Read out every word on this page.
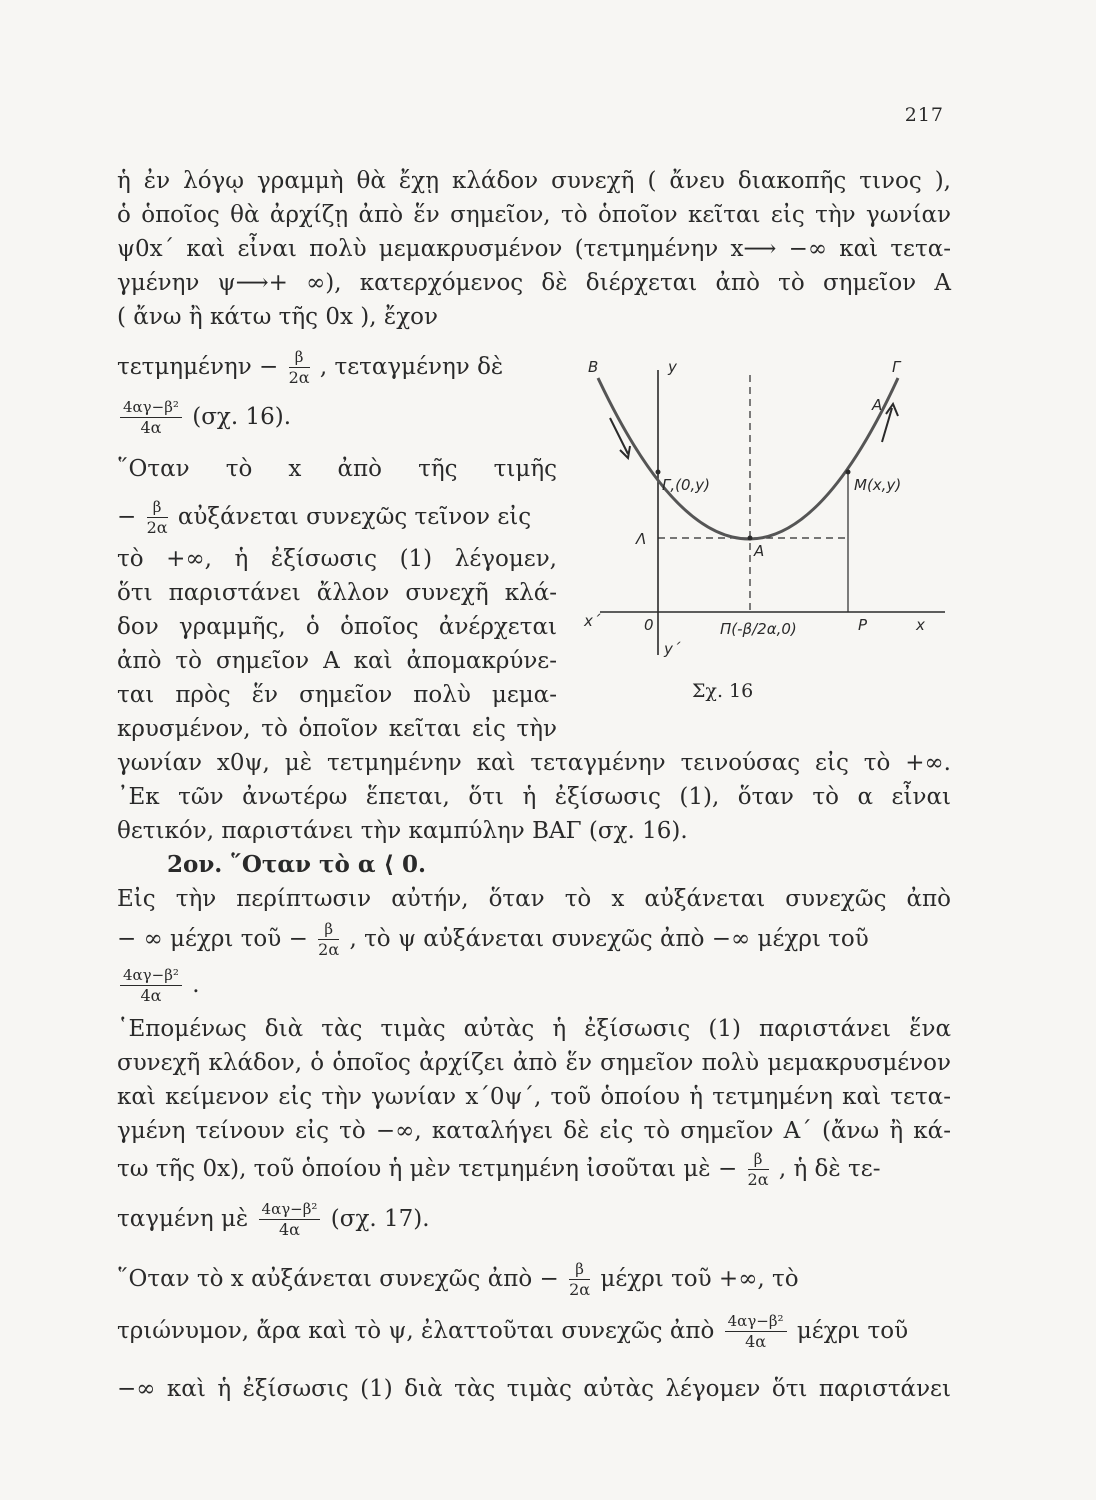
217
ἡ ἐν λόγῳ γραμμὴ θὰ ἔχῃ κλάδον συνεχῆ ( ἄνευ διακοπῆς τινος ),
ὁ ὁποῖος θὰ ἀρχίζῃ ἀπὸ ἕν σημεῖον, τὸ ὁποῖον κεῖται εἰς τὴν γωνίαν
ψ0x΄ καὶ εἶναι πολὺ μεμακρυσμένον (τετμημένην x⟶ −∞ καὶ τετα-
γμένην ψ⟶+ ∞), κατερχόμενος δὲ διέρχεται ἀπὸ τὸ σημεῖον Α
( ἄνω ἢ κάτω τῆς 0x ), ἔχον
$\tau\varepsilon\tau\mu\eta\mu έ\nu\eta\nu - \frac{\beta}{2\alpha}$ , τεταγμένην δὲ
$\frac{\text{4αγ−β²}}{4\alpha} (\sigma\chi$. 16).
῞Οταν τὸ x ἀπὸ τῆς τιμῆς
− $\frac{\beta}{2\alpha}$ αὐξάνεται συνεχῶς τεῖνον εἰς
τὸ +∞, ἡ ἐξίσωσις (1) λέγομεν,
ὅτι παριστάνει ἄλλον συνεχῆ κλά-
δον γραμμῆς, ὁ ὁποῖος ἀνέρχεται
ἀπὸ τὸ σημεῖον Α καὶ ἀπομακρύνε-
ται πρὸς ἕν σημεῖον πολὺ μεμα-
κρυσμένον, τὸ ὁποῖον κεῖται εἰς τὴν
γωνίαν x0ψ, μὲ τετμημένην καὶ τεταγμένην τεινούσας εἰς τὸ +∞.
᾿Εκ τῶν ἀνωτέρω ἕπεται, ὅτι ἡ ἐξίσωσις (1), ὅταν τὸ α εἶναι
θετικόν, παριστάνει τὴν καμπύλην ΒΑΓ (σχ. 16).
2ον. ῞Οταν τὸ α ⟨ 0.
Εἰς τὴν περίπτωσιν αὐτήν, ὅταν τὸ x αὐξάνεται συνεχῶς ἀπὸ
− ∞ μέχρι τοῦ − $\frac{\beta}{2\alpha}$ , τὸ ψ αὐξάνεται συνεχῶς ἀπὸ −∞ μέχρι τοῦ
$\frac{\text{4αγ−β²}}{4\alpha}$ .
῾Επομένως διὰ τὰς τιμὰς αὐτὰς ἡ ἐξίσωσις (1) παριστάνει ἕνα
συνεχῆ κλάδον, ὁ ὁποῖος ἀρχίζει ἀπὸ ἕν σημεῖον πολὺ μεμακρυσμένον
καὶ κείμενον εἰς τὴν γωνίαν x΄0ψ΄, τοῦ ὁποίου ἡ τετμημένη καὶ τετα-
γμένη τείνουν εἰς τὸ −∞, καταλήγει δὲ εἰς τὸ σημεῖον Α΄ (ἄνω ἢ κά-
τω τῆς 0x), τοῦ ὁποίου ἡ μὲν τετμημένη ἰσοῦται μὲ − $\frac{\beta}{2\alpha}$ , ἡ δὲ τε-
ταγμένη μὲ $\frac{\text{4αγ−β²}}{4\alpha} (\sigma\chi$. 17).
῞Οταν τὸ x αὐξάνεται συνεχῶς ἀπὸ − $\frac{\beta}{2\alpha}$ μέχρι τοῦ +∞, τὸ
τριώνυμον, ἄρα καὶ τὸ ψ, ἐλαττοῦται συνεχῶς ἀπὸ $\frac{\text{4αγ−β²}}{4\alpha}$ μέχρι τοῦ
−∞ καὶ ἡ ἐξίσωσις (1) διὰ τὰς τιμὰς αὐτὰς λέγομεν ὅτι παριστάνει
Β	y	Γ
A
Γ,(0,y)	M(x,y)
Λ
Α
x΄	0	Π(-β/2α,0)	P	x
y΄
Σχ. 16
